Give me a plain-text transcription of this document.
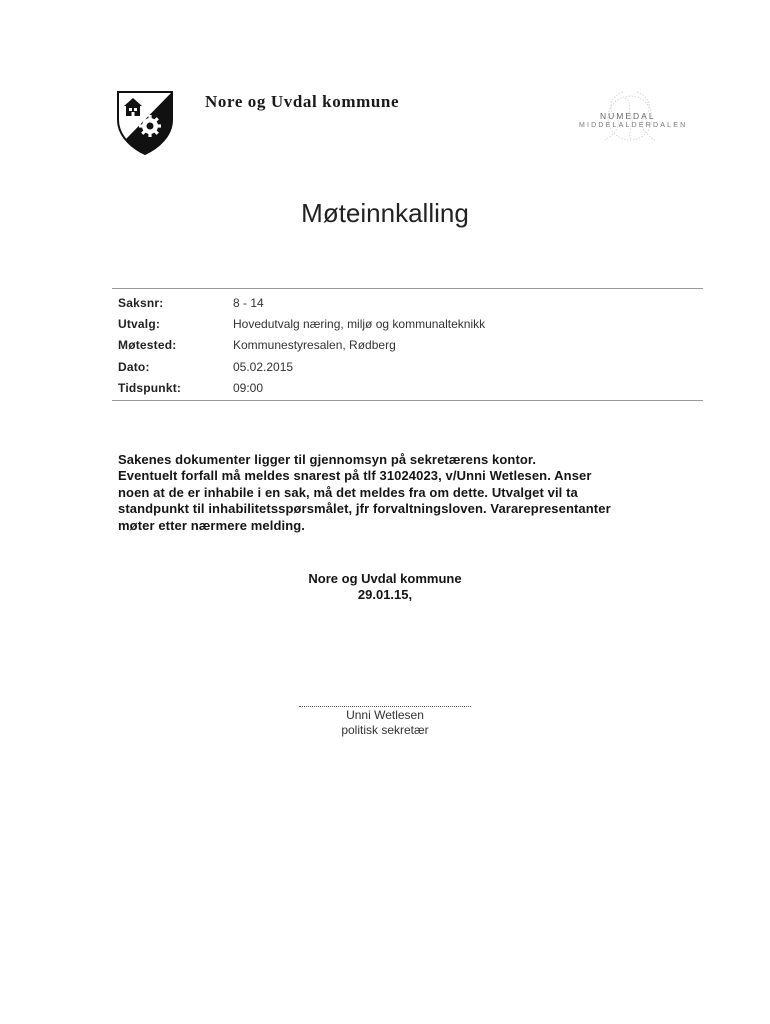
Nore og Uvdal kommune
NUMEDAL
MIDDELALDERDALEN
Møteinnkalling
Saksnr:	8 - 14
Utvalg:	Hovedutvalg næring, miljø og kommunalteknikk
Møtested:	Kommunestyresalen, Rødberg
Dato:	05.02.2015
Tidspunkt:	09:00
Sakenes dokumenter ligger til gjennomsyn på sekretærens kontor.
Eventuelt forfall må meldes snarest på tlf 31024023, v/Unni Wetlesen. Anser
noen at de er inhabile i en sak, må det meldes fra om dette. Utvalget vil ta
standpunkt til inhabilitetsspørsmålet, jfr forvaltningsloven. Vararepresentanter
møter etter nærmere melding.
Nore og Uvdal kommune
29.01.15,
Unni Wetlesen
politisk sekretær
